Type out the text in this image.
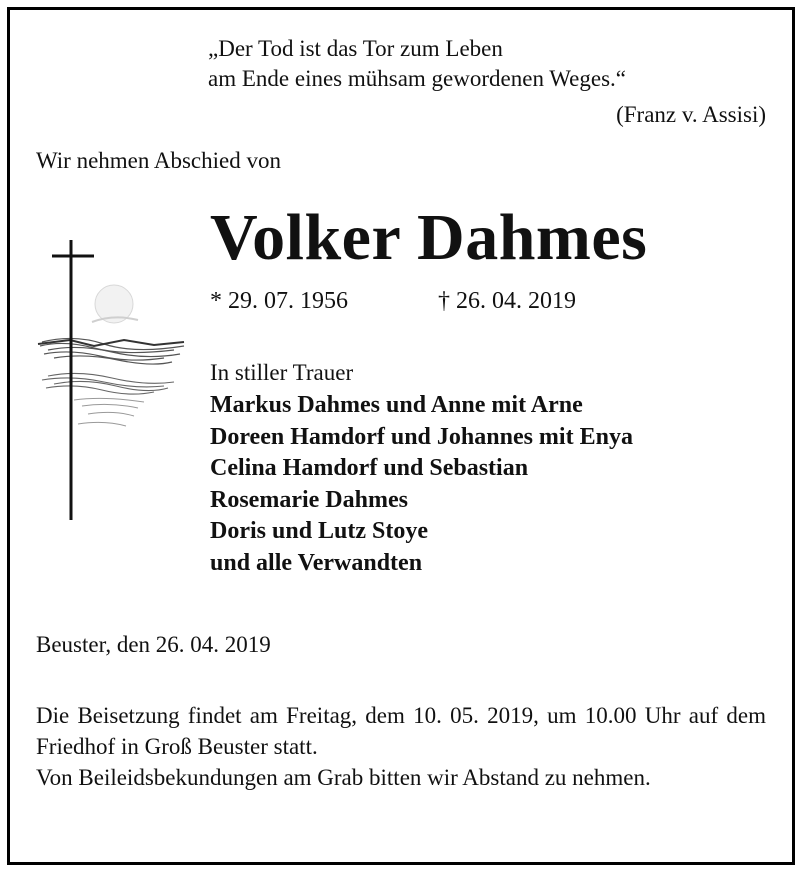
„Der Tod ist das Tor zum Leben
am Ende eines mühsam gewordenen Weges.“
(Franz v. Assisi)
Wir nehmen Abschied von
Volker Dahmes
* 29. 07. 1956	† 26. 04. 2019
In stiller Trauer
Markus Dahmes und Anne mit Arne
Doreen Hamdorf und Johannes mit Enya
Celina Hamdorf und Sebastian
Rosemarie Dahmes
Doris und Lutz Stoye
und alle Verwandten
Beuster, den 26. 04. 2019

Die Beisetzung findet am Freitag, dem 10. 05. 2019, um 10.00 Uhr auf dem Friedhof in Groß Beuster statt.

Von Beileidsbekundungen am Grab bitten wir Abstand zu nehmen.
